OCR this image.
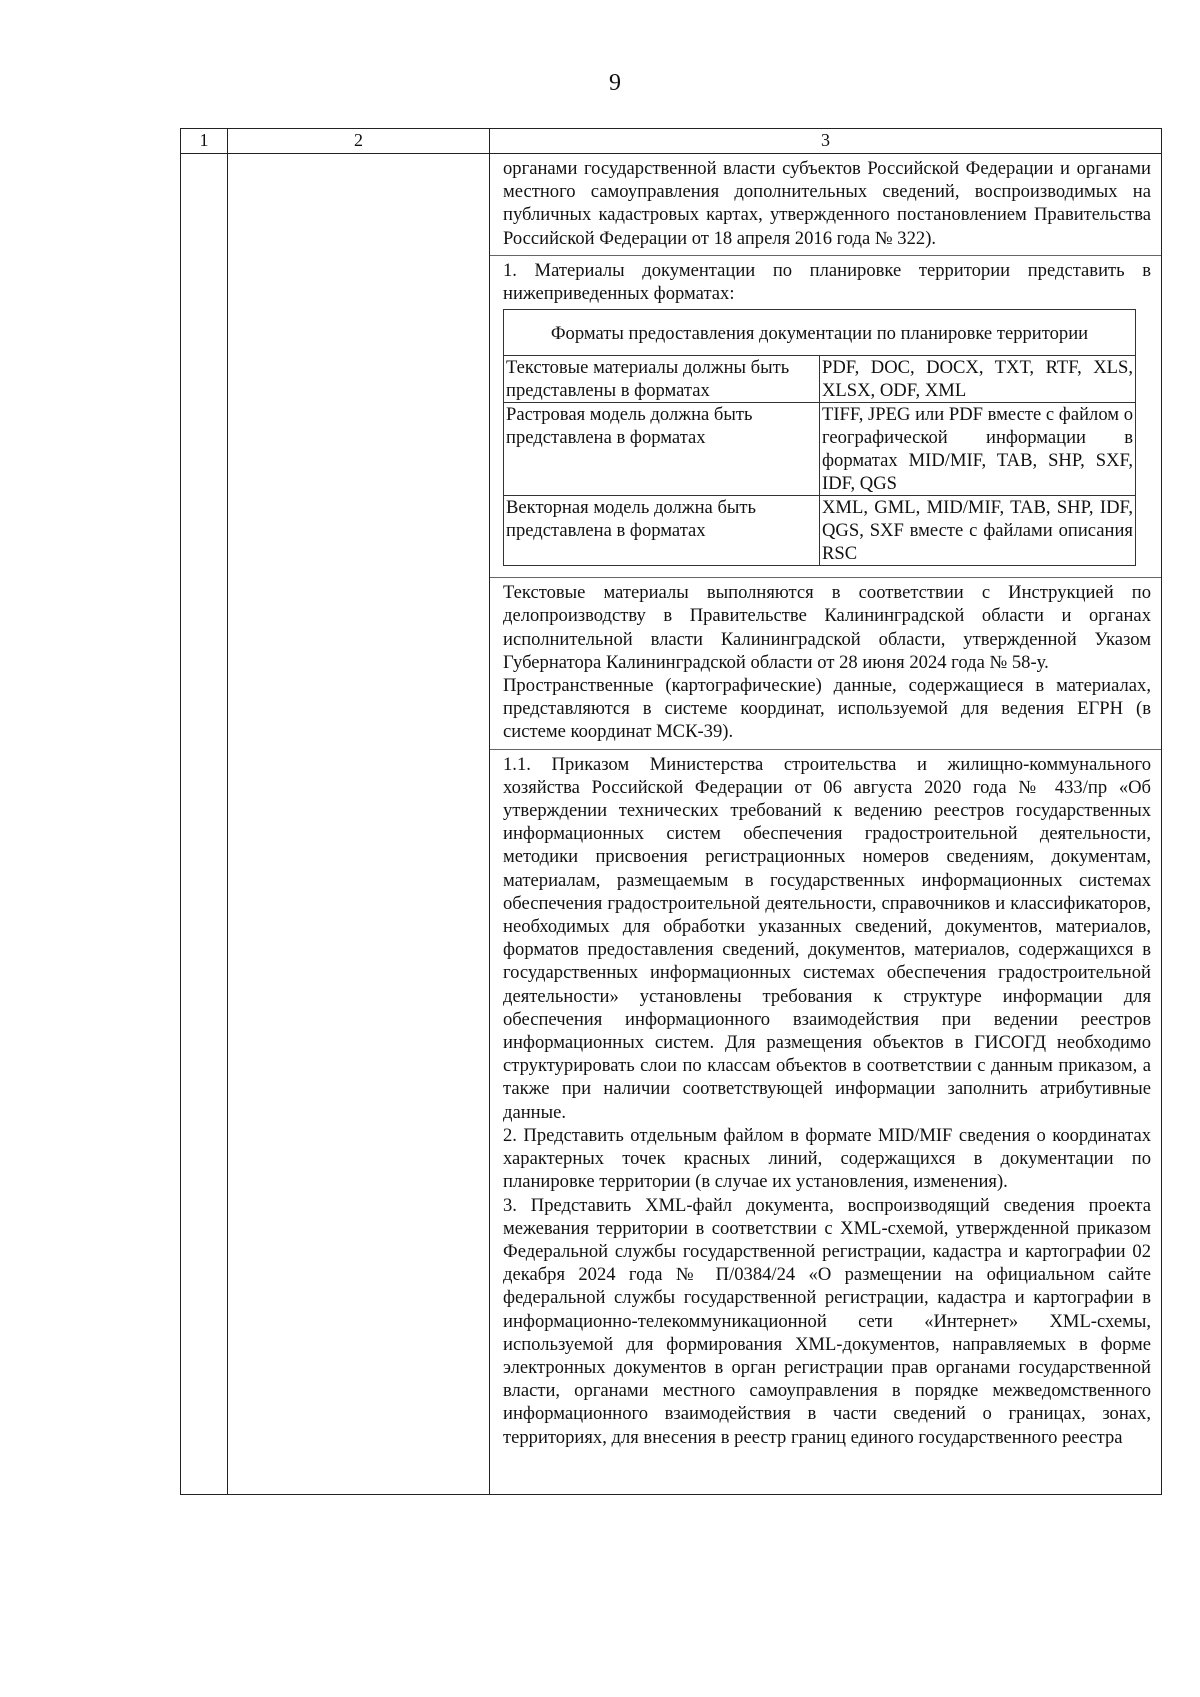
9
1	2	3

органами государственной власти субъектов Российской Федерации и органами местного самоуправления дополнительных сведений, воспроизводимых на публичных кадастровых картах, утвержденного постановлением Правительства Российской Федерации от 18 апреля 2016 года № 322).

1. Материалы документации по планировке территории представить в нижеприведенных форматах:

Форматы предоставления документации по планировке территории
Текстовые материалы должны быть представлены в форматах	PDF, DOC, DOCX, TXT, RTF, XLS, XLSX, ODF, XML
Растровая модель должна быть представлена в форматах	TIFF, JPEG или PDF вместе с файлом о географической информации в форматах MID/MIF, TAB, SHP, SXF, IDF, QGS
Векторная модель должна быть представлена в форматах	XML, GML, MID/MIF, TAB, SHP, IDF, QGS, SXF вместе с файлами описания RSC

Текстовые материалы выполняются в соответствии с Инструкцией по делопроизводству в Правительстве Калининградской области и органах исполнительной власти Калининградской области, утвержденной Указом Губернатора Калининградской области от 28 июня 2024 года № 58-у.

Пространственные (картографические) данные, содержащиеся в материалах, представляются в системе координат, используемой для ведения ЕГРН (в системе координат МСК-39).

1.1. Приказом Министерства строительства и жилищно-коммунального хозяйства Российской Федерации от 06 августа 2020 года № 433/пр «Об утверждении технических требований к ведению реестров государственных информационных систем обеспечения градостроительной деятельности, методики присвоения регистрационных номеров сведениям, документам, материалам, размещаемым в государственных информационных системах обеспечения градостроительной деятельности, справочников и классификаторов, необходимых для обработки указанных сведений, документов, материалов, форматов предоставления сведений, документов, материалов, содержащихся в государственных информационных системах обеспечения градостроительной деятельности» установлены требования к структуре информации для обеспечения информационного взаимодействия при ведении реестров информационных систем. Для размещения объектов в ГИСОГД необходимо структурировать слои по классам объектов в соответствии с данным приказом, а также при наличии соответствующей информации заполнить атрибутивные данные.

2. Представить отдельным файлом в формате MID/MIF сведения о координатах характерных точек красных линий, содержащихся в документации по планировке территории (в случае их установления, изменения).

3. Представить XML-файл документа, воспроизводящий сведения проекта межевания территории в соответствии с XML-схемой, утвержденной приказом Федеральной службы государственной регистрации, кадастра и картографии 02 декабря 2024 года № П/0384/24 «О размещении на официальном сайте федеральной службы государственной регистрации, кадастра и картографии в информационно-телекоммуникационной сети «Интернет» XML-схемы, используемой для формирования XML-документов, направляемых в форме электронных документов в орган регистрации прав органами государственной власти, органами местного самоуправления в порядке межведомственного информационного взаимодействия в части сведений о границах, зонах, территориях, для внесения в реестр границ единого государственного реестра
